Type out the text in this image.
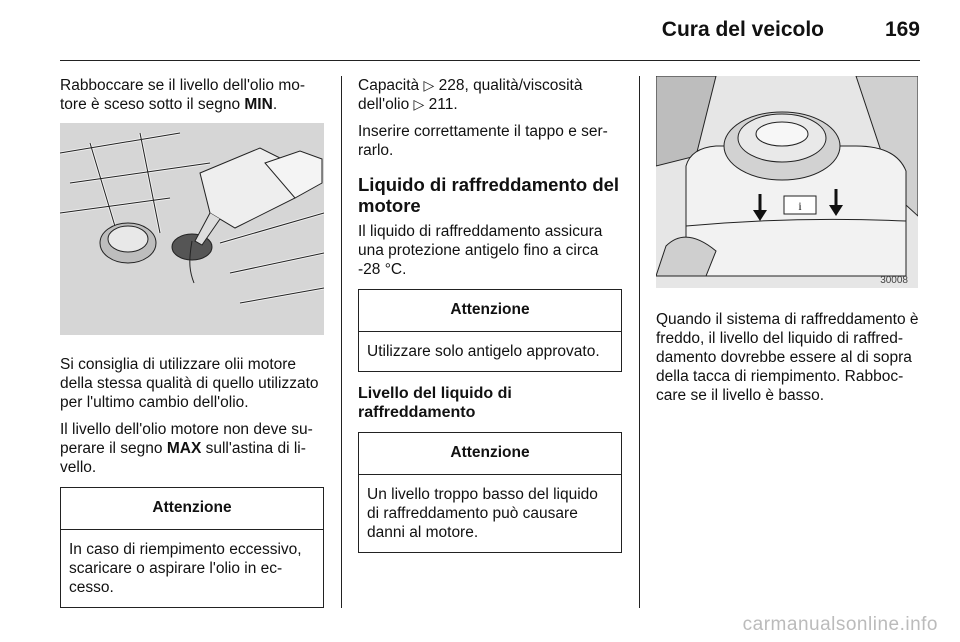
Cura del veicolo	169

Rabboccare se il livello dell'olio mo-tore è sceso sotto il segno MIN.

Si consiglia di utilizzare olii motore della stessa qualità di quello utilizzato per l'ultimo cambio dell'olio.

Il livello dell'olio motore non deve su-perare il segno MAX sull'astina di li-vello.

Attenzione
In caso di riempimento eccessivo, scaricare o aspirare l'olio in ec-cesso.

Capacità ▷ 228, qualità/viscosità dell'olio ▷ 211.

Inserire correttamente il tappo e ser-rarlo.

Liquido di raffreddamento del motore

Il liquido di raffreddamento assicura una protezione antigelo fino a circa -28 °C.

Attenzione
Utilizzare solo antigelo approvato.
Livello del liquido di raffreddamento
Attenzione
Un livello troppo basso del liquido di raffreddamento può causare danni al motore.
i
30008

Quando il sistema di raffreddamento è freddo, il livello del liquido di raffred-damento dovrebbe essere al di sopra della tacca di riempimento. Rabboc-care se il livello è basso.

carmanualsonline.info
